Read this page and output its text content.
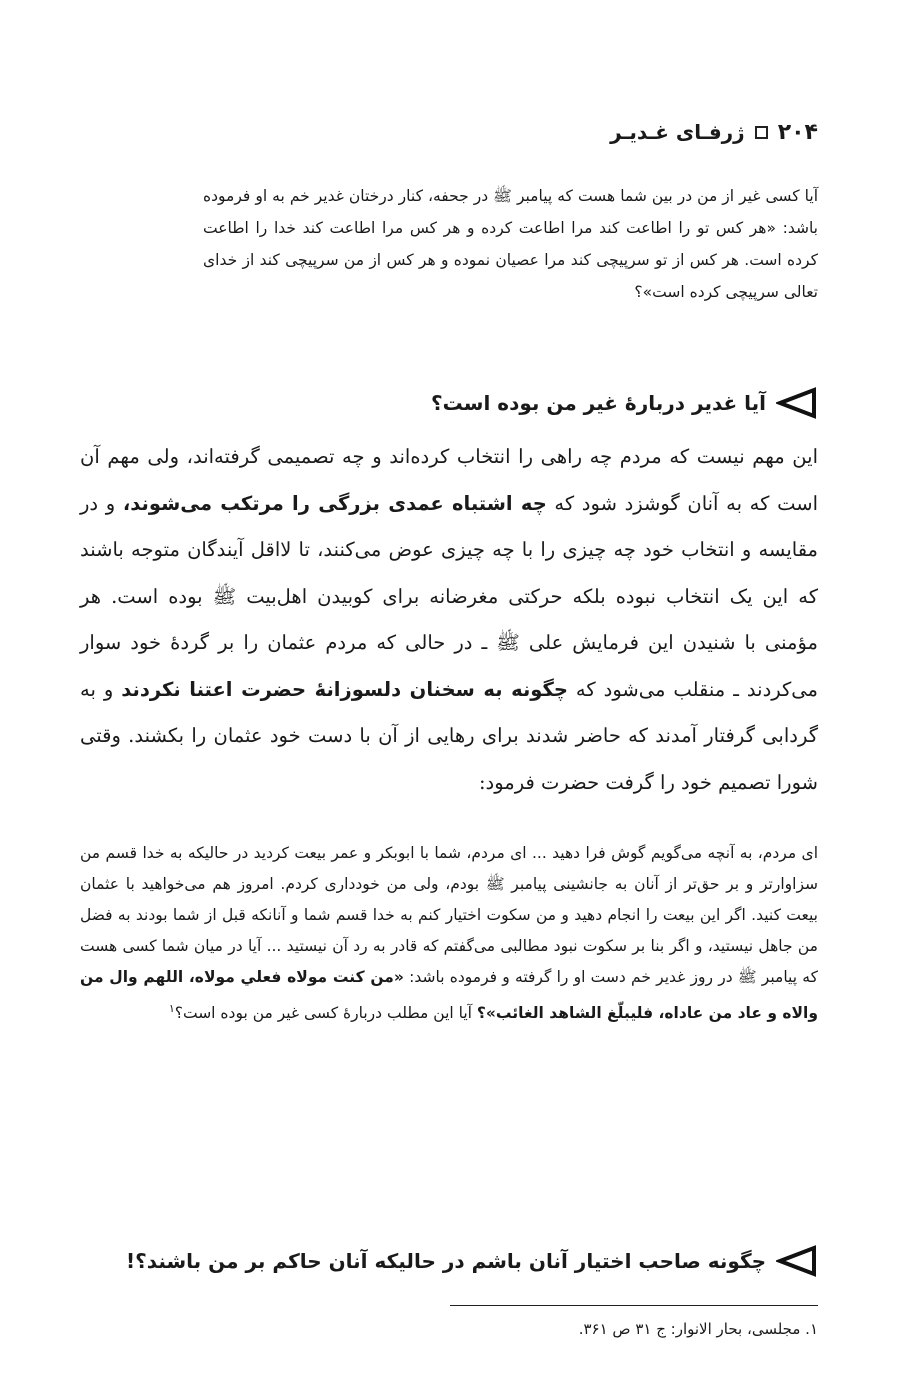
۲۰۴
ژرفـای غـدیـر
آیا کسی غیر از من در بین شما هست که پیامبر ﷺ در جحفه، کنار درختان غدیر خم به او فرموده باشد: «هر کس تو را اطاعت کند مرا اطاعت کرده و هر کس مرا اطاعت کند خدا را اطاعت کرده است. هر کس از تو سرپیچی کند مرا عصیان نموده و هر کس از من سرپیچی کند از خدای تعالی سرپیچی کرده است»؟
آیا غدیر دربارهٔ غیر من بوده است؟
این مهم نیست که مردم چه راهی را انتخاب کرده‌اند و چه تصمیمی گرفته‌اند، ولی مهم آن است که به آنان گوشزد شود که چه اشتباه عمدی بزرگی را مرتکب می‌شوند، و در مقایسه و انتخاب خود چه چیزی را با چه چیزی عوض می‌کنند، تا لااقل آیندگان متوجه باشند که این یک انتخاب نبوده بلکه حرکتی مغرضانه برای کوبیدن اهل‌بیت ﷺ بوده است. هر مؤمنی با شنیدن این فرمایش علی ﷺ ـ در حالی که مردم عثمان را بر گردهٔ خود سوار می‌کردند ـ منقلب می‌شود که چگونه به سخنان دلسوزانهٔ حضرت اعتنا نکردند و به گردابی گرفتار آمدند که حاضر شدند برای رهایی از آن با دست خود عثمان را بکشند. وقتی شورا تصمیم خود را گرفت حضرت فرمود:
ای مردم، به آنچه می‌گویم گوش فرا دهید ... ای مردم، شما با ابوبکر و عمر بیعت کردید در حالیکه به خدا قسم من سزاوارتر و بر حق‌تر از آنان به جانشینی پیامبر ﷺ بودم، ولی من خودداری کردم. امروز هم می‌خواهید با عثمان بیعت کنید. اگر این بیعت را انجام دهید و من سکوت اختیار کنم به خدا قسم شما و آنانکه قبل از شما بودند به فضل من جاهل نیستید، و اگر بنا بر سکوت نبود مطالبی می‌گفتم که قادر به رد آن نیستید ... آیا در میان شما کسی هست که پیامبر ﷺ در روز غدیر خم دست او را گرفته و فرموده باشد: «من كنت مولاه فعلي مولاه، اللهم وال من والاه و عاد من عاداه، فليبلّغ الشاهد الغائب»؟ آیا این مطلب دربارهٔ کسی غیر من بوده است؟$^۱$
چگونه صاحب اختیار آنان باشم در حالیکه آنان حاکم بر من باشند؟!
۱. مجلسی، بحار الانوار: ج ۳۱ ص ۳۶۱.
